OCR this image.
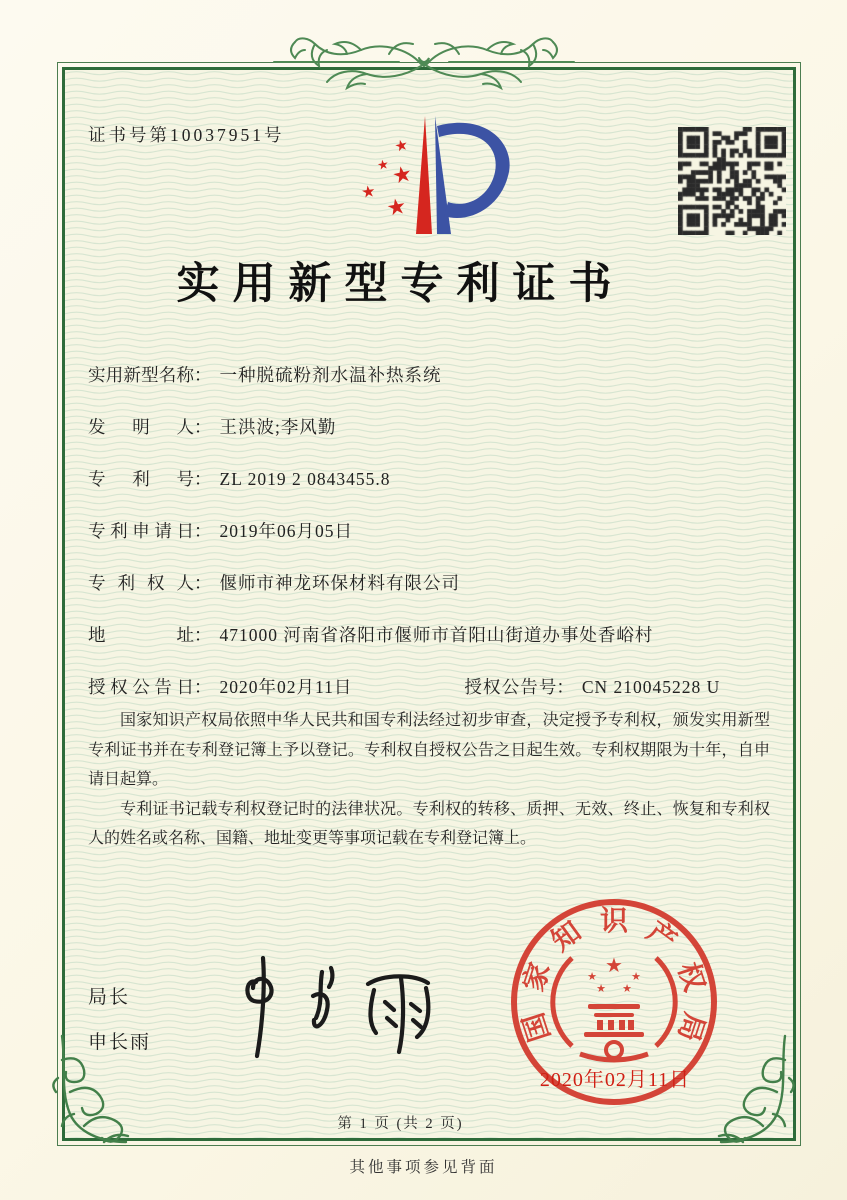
证书号第10037951号
★
★ ★
★
★
实用新型专利证书
实用新型名称 ： 一种脱硫粉剂水温补热系统
发明人 ： 王洪波;李风勤
专利号 ： ZL 2019 2 0843455.8
专利申请日 ： 2019年06月05日
专利权人 ： 偃师市神龙环保材料有限公司
地址 ： 471000 河南省洛阳市偃师市首阳山街道办事处香峪村
授权公告日 ： 2020年02月11日	授权公告号 ： CN 210045228 U

国家知识产权局依照中华人民共和国专利法经过初步审查，决定授予专利权，颁发实用新型专利证书并在专利登记簿上予以登记。专利权自授权公告之日起生效。专利权期限为十年，自申请日起算。

专利证书记载专利权登记时的法律状况。专利权的转移、质押、无效、终止、恢复和专利权人的姓名或名称、国籍、地址变更等事项记载在专利登记簿上。

局长
申长雨	国
家
知 识 产
权
局
★
★	★
★ ★
2020年02月11日
第 1 页 (共 2 页)
其他事项参见背面
